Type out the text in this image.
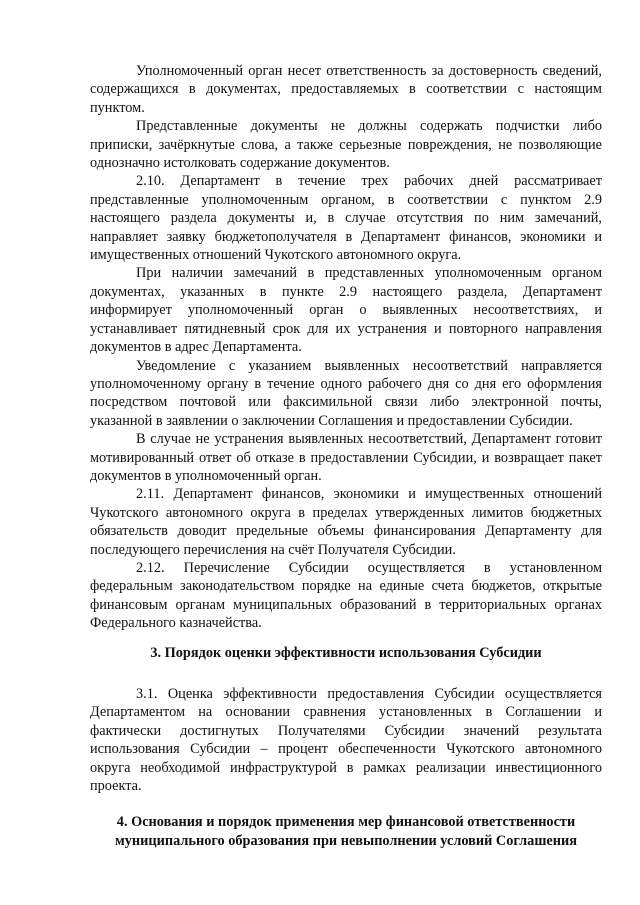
Уполномоченный орган несет ответственность за достоверность сведений, содержащихся в документах, предоставляемых в соответствии с настоящим пунктом.

Представленные документы не должны содержать подчистки либо приписки, зачёркнутые слова, а также серьезные повреждения, не позволяющие однозначно истолковать содержание документов.

2.10. Департамент в течение трех рабочих дней рассматривает представленные уполномоченным органом, в соответствии с пунктом 2.9 настоящего раздела документы и, в случае отсутствия по ним замечаний, направляет заявку бюджетополучателя в Департамент финансов, экономики и имущественных отношений Чукотского автономного округа.

При наличии замечаний в представленных уполномоченным органом документах, указанных в пункте 2.9 настоящего раздела, Департамент информирует уполномоченный орган о выявленных несоответствиях, и устанавливает пятидневный срок для их устранения и повторного направления документов в адрес Департамента.

Уведомление с указанием выявленных несоответствий направляется уполномоченному органу в течение одного рабочего дня со дня его оформления посредством почтовой или факсимильной связи либо электронной почты, указанной в заявлении о заключении Соглашения и предоставлении Субсидии.

В случае не устранения выявленных несоответствий, Департамент готовит мотивированный ответ об отказе в предоставлении Субсидии, и возвращает пакет документов в уполномоченный орган.

2.11. Департамент финансов, экономики и имущественных отношений Чукотского автономного округа в пределах утвержденных лимитов бюджетных обязательств доводит предельные объемы финансирования Департаменту для последующего перечисления на счёт Получателя Субсидии.

2.12. Перечисление Субсидии осуществляется в установленном федеральным законодательством порядке на единые счета бюджетов, открытые финансовым органам муниципальных образований в территориальных органах Федерального казначейства.

3. Порядок оценки эффективности использования Субсидии

3.1. Оценка эффективности предоставления Субсидии осуществляется Департаментом на основании сравнения установленных в Соглашении и фактически достигнутых Получателями Субсидии значений результата использования Субсидии – процент обеспеченности Чукотского автономного округа необходимой инфраструктурой в рамках реализации инвестиционного проекта.

4. Основания и порядок применения мер финансовой ответственности

муниципального образования при невыполнении условий Соглашения
